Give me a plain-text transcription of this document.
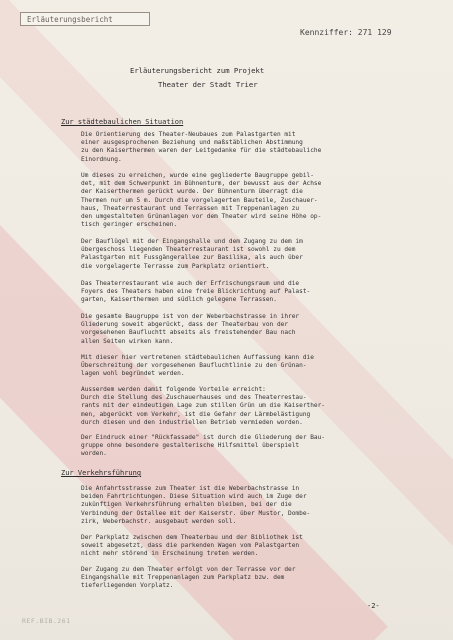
Erläuterungsbericht
Kennziffer: 271 129
Erläuterungsbericht zum Projekt
Theater der Stadt Trier
Zur städtebaulichen Situation
Die Orientierung des Theater-Neubaues zum Palastgarten mit
einer ausgesprochenen Beziehung und maßstäblichen Abstimmung
zu den Kaiserthermen waren der Leitgedanke für die städtebauliche
Einordnung.
Um dieses zu erreichen, wurde eine gegliederte Baugruppe gebil-
det, mit dem Schwerpunkt im Bühnenturm, der bewusst aus der Achse
der Kaiserthermen gerückt wurde. Der Bühnenturm überragt die
Thermen nur um 5 m. Durch die vorgelagerten Bauteile, Zuschauer-
haus, Theaterrestaurant und Terrassen mit Treppenanlagen zu
den umgestalteten Grünanlagen vor dem Theater wird seine Höhe op-
tisch geringer erscheinen.
Der Bauflügel mit der Eingangshalle und dem Zugang zu dem im
übergeschoss liegenden Theaterrestaurant ist sowohl zu dem
Palastgarten mit Fussgängerallee zur Basilika, als auch über
die vorgelagerte Terrasse zum Parkplatz orientiert.
Das Theaterrestaurant wie auch der Erfrischungsraum und die
Foyers des Theaters haben eine freie Blickrichtung auf Palast-
garten, Kaiserthermen und südlich gelegene Terrassen.
Die gesamte Baugruppe ist von der Weberbachstrasse in ihrer
Gliederung soweit abgerückt, dass der Theaterbau von der
vorgesehenen Baufluchtt abseits als freistehender Bau nach
allen Seiten wirken kann.
Mit dieser hier vertretenen städtebaulichen Auffassung kann die
Überschreitung der vorgesehenen Baufluchtlinie zu den Grünan-
lagen wohl begründet werden.
Ausserdem werden damit folgende Vorteile erreicht:
Durch die Stellung des Zuschauerhauses und des Theaterrestau-
rants mit der eindeutigen Lage zum stillen Grün um die Kaiserther-
men, abgerückt vom Verkehr, ist die Gefahr der Lärmbelästigung
durch diesen und den industriellen Betrieb vermieden worden.
Der Eindruck einer "Rückfassade" ist durch die Gliederung der Bau-
gruppe ohne besondere gestalterische Hilfsmittel überspielt
worden.
Zur Verkehrsführung
Die Anfahrtsstrasse zum Theater ist die Weberbachstrasse in
beiden Fahrtrichtungen. Diese Situation wird auch im Zuge der
zukünftigen Verkehrsführung erhalten bleiben, bei der die
Verbindung der Ostallee mit der Kaiserstr. über Mustor, Dombe-
zirk, Weberbachstr. ausgebaut werden soll.
Der Parkplatz zwischen dem Theaterbau und der Bibliothek ist
soweit abgesetzt, dass die parkenden Wagen vom Palastgarten
nicht mehr störend in Erscheinung treten werden.
Der Zugang zu dem Theater erfolgt von der Terrasse vor der
Eingangshalle mit Treppenanlagen zum Parkplatz bzw. dem
tieferliegenden Vorplatz.
-2-
REF.BIB.261
